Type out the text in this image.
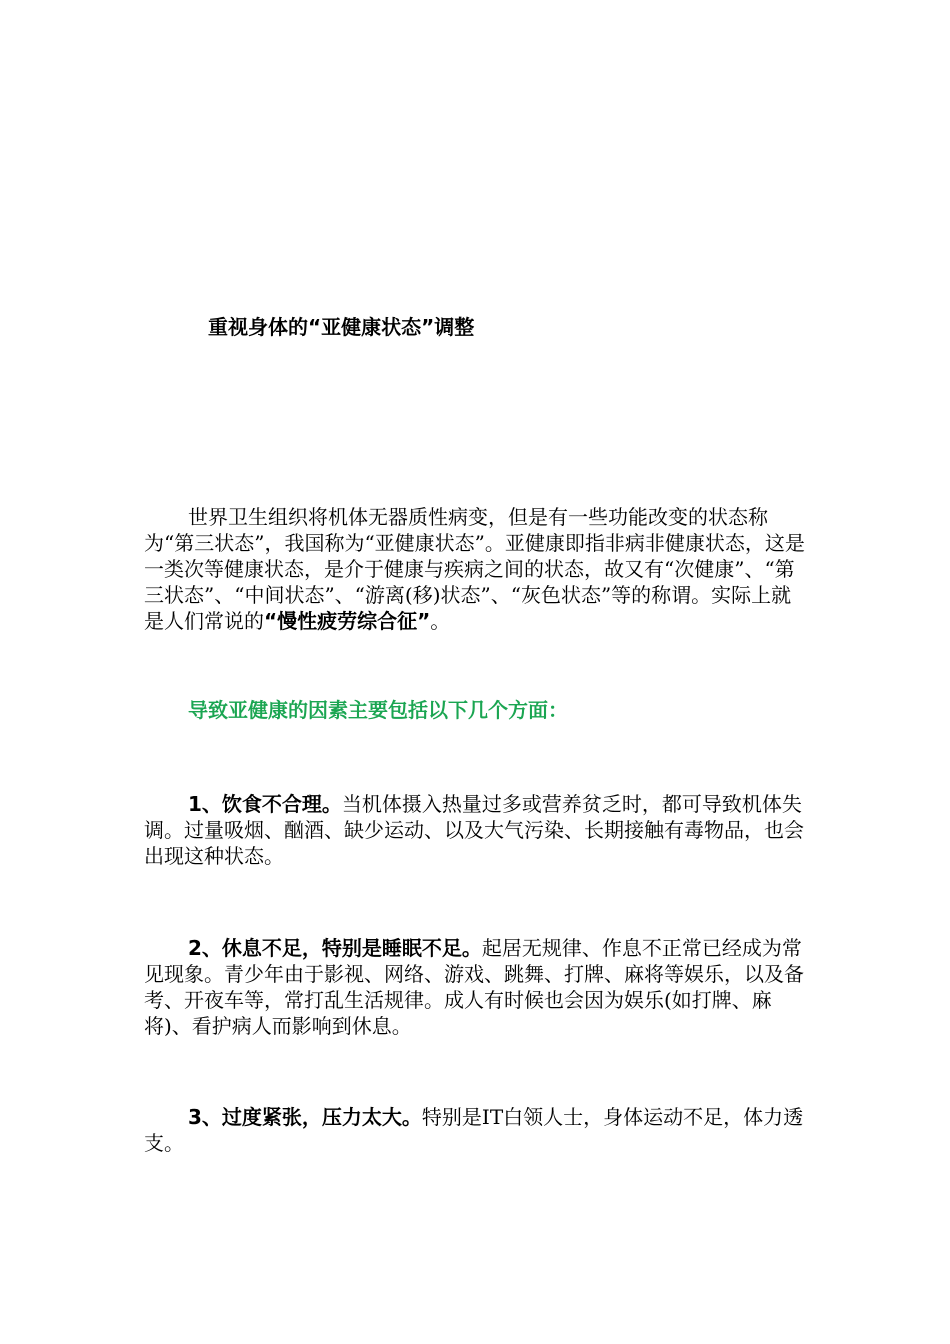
重视身体的“亚健康状态”调整

世界卫生组织将机体无器质性病变，但是有一些功能改变的状态称为“第三状态”，我国称为“亚健康状态”。亚健康即指非病非健康状态，这是一类次等健康状态，是介于健康与疾病之间的状态，故又有“次健康”、“第三状态”、“中间状态”、“游离(移)状态”、“灰色状态”等的称谓。实际上就是人们常说的“慢性疲劳综合征”。

导致亚健康的因素主要包括以下几个方面：

1、饮食不合理。当机体摄入热量过多或营养贫乏时，都可导致机体失调。过量吸烟、酗酒、缺少运动、以及大气污染、长期接触有毒物品，也会出现这种状态。

2、休息不足，特别是睡眠不足。起居无规律、作息不正常已经成为常见现象。青少年由于影视、网络、游戏、跳舞、打牌、麻将等娱乐，以及备考、开夜车等，常打乱生活规律。成人有时候也会因为娱乐(如打牌、麻将)、看护病人而影响到休息。

3、过度紧张，压力太大。特别是IT白领人士，身体运动不足，体力透支。
